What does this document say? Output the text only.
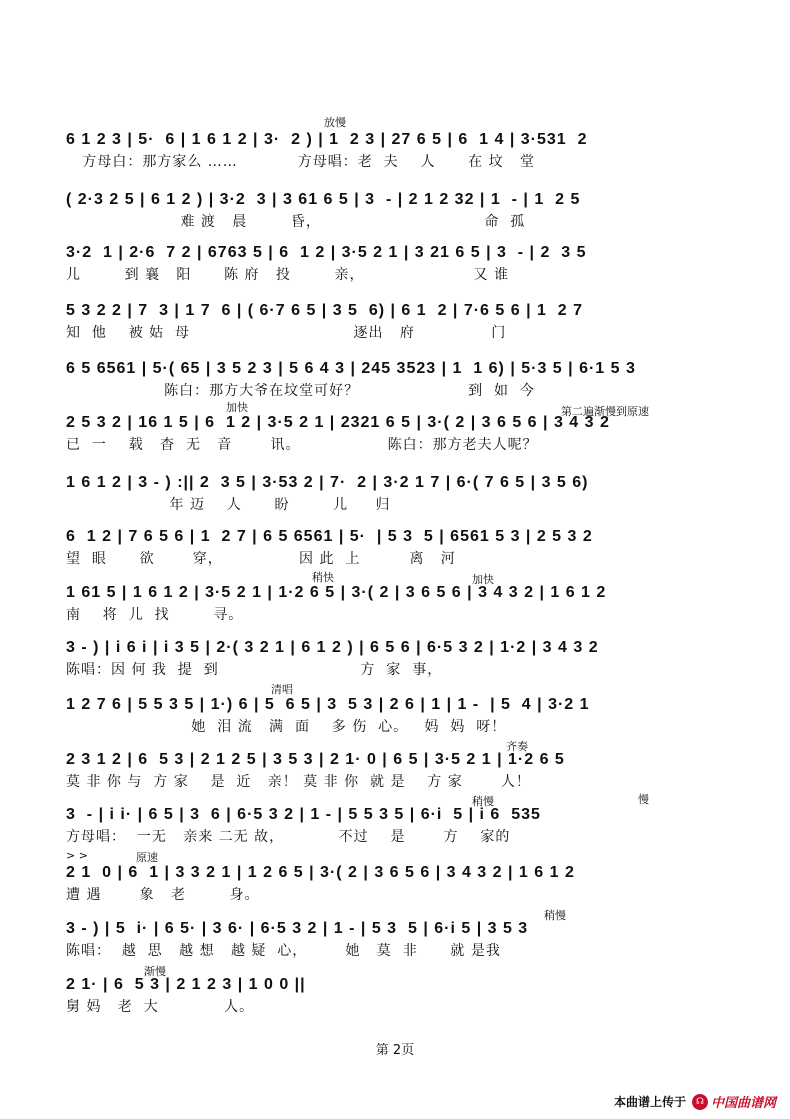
6 1 2 3 | 5·  6 | 1 6 1 2 | 3·  2 ) | 1  2 3 | 27 6 5 | 6  1 4 | 3·531  2
方母白：那方家么 ……           方母唱：老  夫    人      在 坟   堂
放慢
( 2·3 2 5 | 6 1 2 ) | 3·2  3 | 3 61 6 5 | 3  - | 2 1 2 32 | 1  - | 1  2 5
难 渡   晨        昏，                              命  孤
3·2  1 | 2·6  7 2 | 6763 5 | 6  1 2 | 3·5 2 1 | 3 21 6 5 | 3  - | 2  3 5
儿        到 襄   阳      陈 府   投        亲，                    又 谁
5 3 2 2 | 7  3 | 1 7  6 | ( 6·7 6 5 | 3 5  6) | 6 1  2 | 7·6 5 6 | 1  2 7
知  他    被 姑  母                              逐出   府              门
6 5 6561 | 5·( 65 | 3 5 2 3 | 5 6 4 3 | 245 3523 | 1  1 6) | 5·3 5 | 6·1 5 3
陈白：那方大爷在坟堂可好？                    到  如  今
2 5 3 2 | 16 1 5 | 6  1 2 | 3·5 2 1 | 2321 6 5 | 3·( 2 | 3 6 5 6 | 3 4 3 2
已  一    载   杳  无   音       讯。                陈白：那方老夫人呢？
加快	第二遍渐慢到原速
1 6 1 2 | 3 - ) :|| 2  3 5 | 3·53 2 | 7·  2 | 3·2 1 7 | 6·( 7 6 5 | 3 5 6)
年 迈    人      盼        儿     归
6  1 2 | 7 6 5 6 | 1  2 7 | 6 5 6561 | 5·  | 5 3  5 | 6561 5 3 | 2 5 3 2
望  眼      欲       穿，              因 此  上         离   河
1 61 5 | 1 6 1 2 | 3·5 2 1 | 1·2 6 5 | 3·( 2 | 3 6 5 6 | 3 4 3 2 | 1 6 1 2
南    将  儿  找        寻。
稍快	加快
3 - ) | i 6 i | i 3 5 | 2·( 3 2 1 | 6 1 2 ) | 6 5 6 | 6·5 3 2 | 1·2 | 3 4 3 2
陈唱：因 何 我  提  到                          方  家  事，
1 2 7 6 | 5 5 3 5 | 1·) 6 | 5  6 5 | 3  5 3 | 2 6 | 1 | 1 -  | 5  4 | 3·2 1
她  泪 流   满  面    多 伤  心。   妈  妈  呀！
清唱
2 3 1 2 | 6  5 3 | 2 1 2 5 | 3 5 3 | 2 1· 0 | 6 5 | 3·5 2 1 | 1·2 6 5
莫 非 你 与  方 家    是  近   亲！ 莫 非 你  就 是    方 家       人！
齐奏
3  - | i i· | 6 5 | 3  6 | 6·5 3 2 | 1 - | 5 5 3 5 | 6·i  5 | i 6  535
方母唱：  一无   亲来 二无 故，          不过    是       方    家的
稍慢	慢
2 1  0 | 6  1 | 3 3 2 1 | 1 2 6 5 | 3·( 2 | 3 6 5 6 | 3 4 3 2 | 1 6 1 2
遭 遇       象   老        身。
> >	原速
3 - ) | 5  i· | 6 5· | 3 6· | 6·5 3 2 | 1 - | 5 3  5 | 6·i 5 | 3 5 3
陈唱：  越  思   越 想   越 疑  心，       她   莫  非      就 是我
稍慢
2 1· | 6  5 3 | 2 1 2 3 | 1 0 0 ||
舅 妈   老  大            人。
渐慢
第 2页
本曲谱上传于	☊ 中国曲谱网
